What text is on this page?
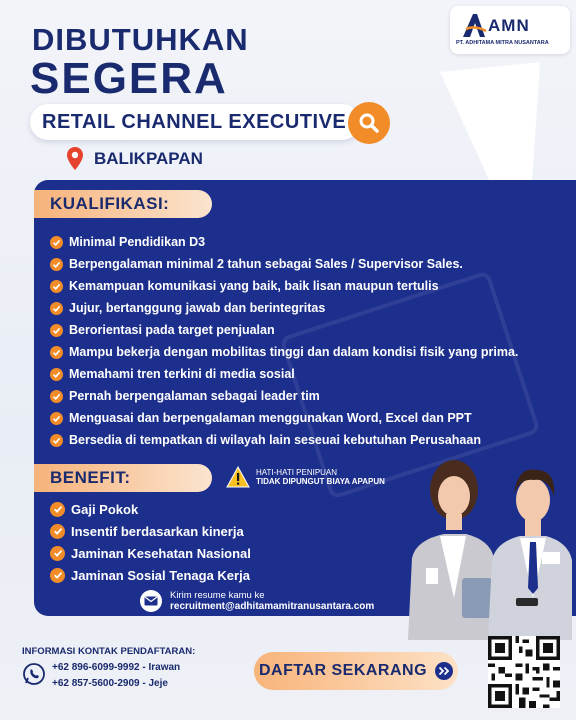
AMN
PT. ADHITAMA MITRA NUSANTARA
DIBUTUHKAN
SEGERA
RETAIL CHANNEL EXECUTIVE
BALIKPAPAN
KUALIFIKASI:
Minimal Pendidikan D3
Berpengalaman minimal 2 tahun sebagai Sales / Supervisor Sales.
Kemampuan komunikasi yang baik, baik lisan maupun tertulis
Jujur, bertanggung jawab dan berintegritas
Berorientasi pada target penjualan
Mampu bekerja dengan mobilitas tinggi dan dalam kondisi fisik yang prima.
Memahami tren terkini di media sosial
Pernah berpengalaman sebagai leader tim
Menguasai dan berpengalaman menggunakan Word, Excel dan PPT
Bersedia di tempatkan di wilayah lain seseuai kebutuhan Perusahaan
BENEFIT:	HATI-HATI PENIPUAN
TIDAK DIPUNGUT BIAYA APAPUN
Gaji Pokok
Insentif berdasarkan kinerja
Jaminan Kesehatan Nasional
Jaminan Sosial Tenaga Kerja
Kirim resume kamu ke
recruitment@adhitamamitranusantara.com
INFORMASI KONTAK PENDAFTARAN:
+62 896-6099-9992 - Irawan
+62 857-5600-2909 - Jeje
DAFTAR SEKARANG
